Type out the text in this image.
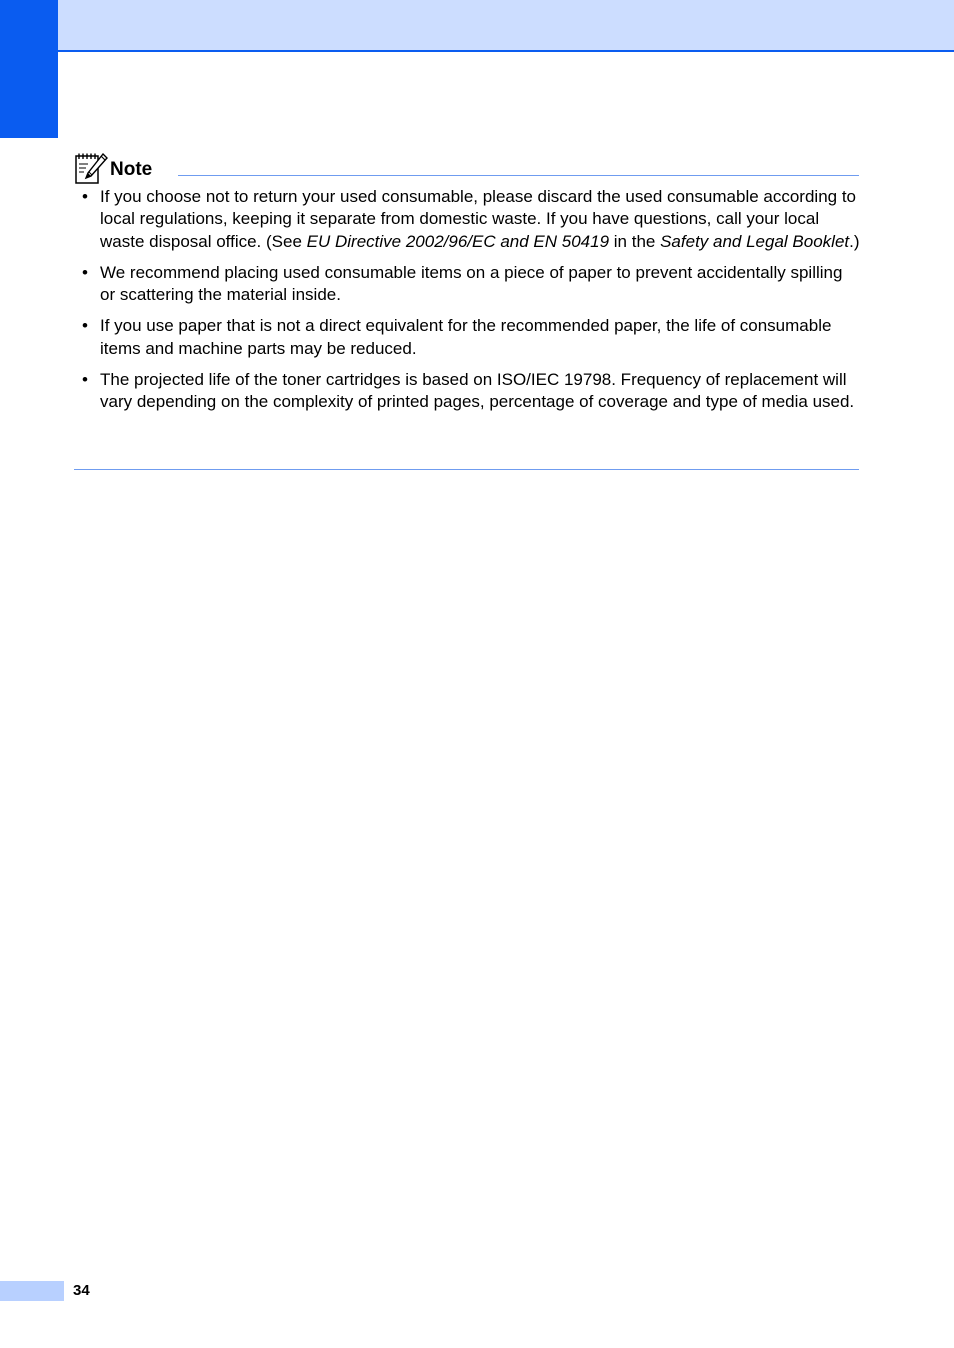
Note
• If you choose not to return your used consumable, please discard the used consumable according to local regulations, keeping it separate from domestic waste. If you have questions, call your local waste disposal office. (See EU Directive 2002/96/EC and EN 50419 in the Safety and Legal Booklet.)
• We recommend placing used consumable items on a piece of paper to prevent accidentally spilling or scattering the material inside.
• If you use paper that is not a direct equivalent for the recommended paper, the life of consumable items and machine parts may be reduced.
• The projected life of the toner cartridges is based on ISO/IEC 19798. Frequency of replacement will vary depending on the complexity of printed pages, percentage of coverage and type of media used.
34
